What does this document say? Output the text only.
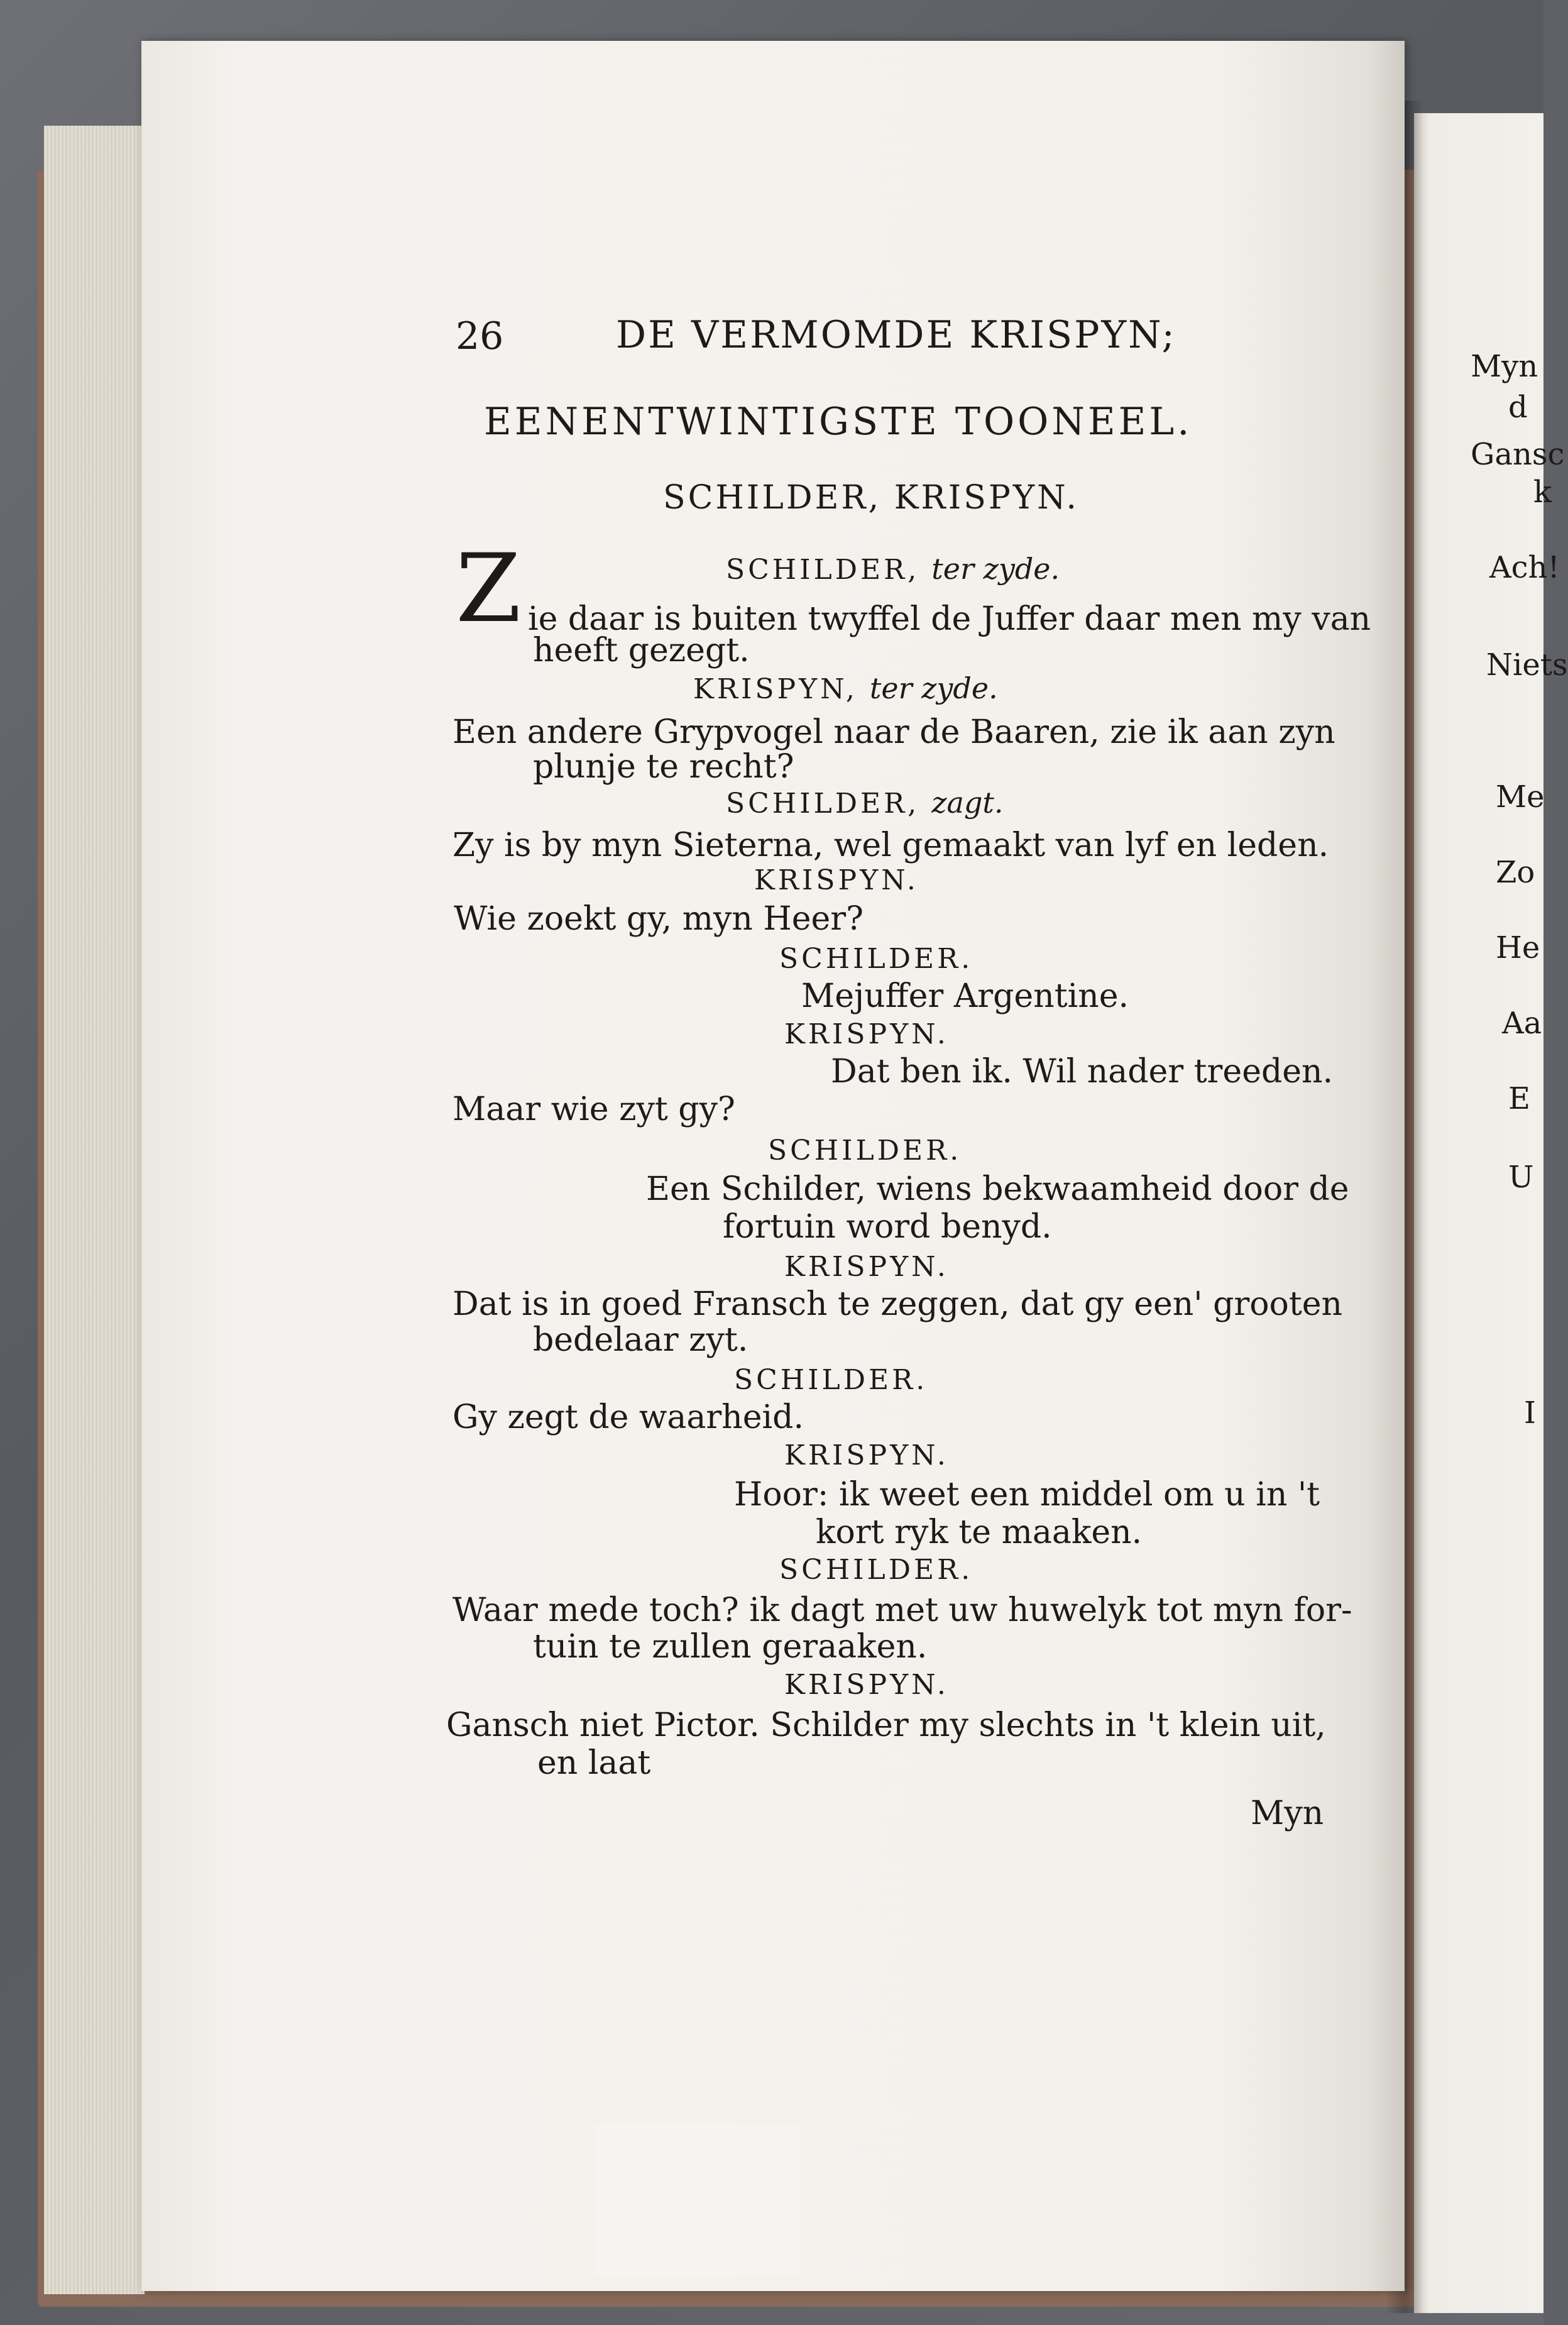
Myn
d
Gansc
k
Ach!
Niets
Me
Zo
He
Aa
E
U
I
26	DE VERMOMDE KRISPYN;
EENENTWINTIGSTE TOONEEL.
SCHILDER, KRISPYN.
Z	SCHILDER, ter zyde.
ie daar is buiten twyffel de Juffer daar men my van
heeft gezegt.
KRISPYN, ter zyde.
Een andere Grypvogel naar de Baaren, zie ik aan zyn
plunje te recht?
SCHILDER, zagt.
Zy is by myn Sieterna, wel gemaakt van lyf en leden.
KRISPYN.
Wie zoekt gy, myn Heer?
SCHILDER.
Mejuffer Argentine.
KRISPYN.
Dat ben ik. Wil nader treeden.
Maar wie zyt gy?
SCHILDER.
Een Schilder, wiens bekwaamheid door de
fortuin word benyd.
KRISPYN.
Dat is in goed Fransch te zeggen, dat gy een' grooten
bedelaar zyt.
SCHILDER.
Gy zegt de waarheid.
KRISPYN.
Hoor: ik weet een middel om u in 't
kort ryk te maaken.
SCHILDER.
Waar mede toch? ik dagt met uw huwelyk tot myn for-
tuin te zullen geraaken.
KRISPYN.
Gansch niet Pictor. Schilder my slechts in 't klein uit,
en laat
Myn
